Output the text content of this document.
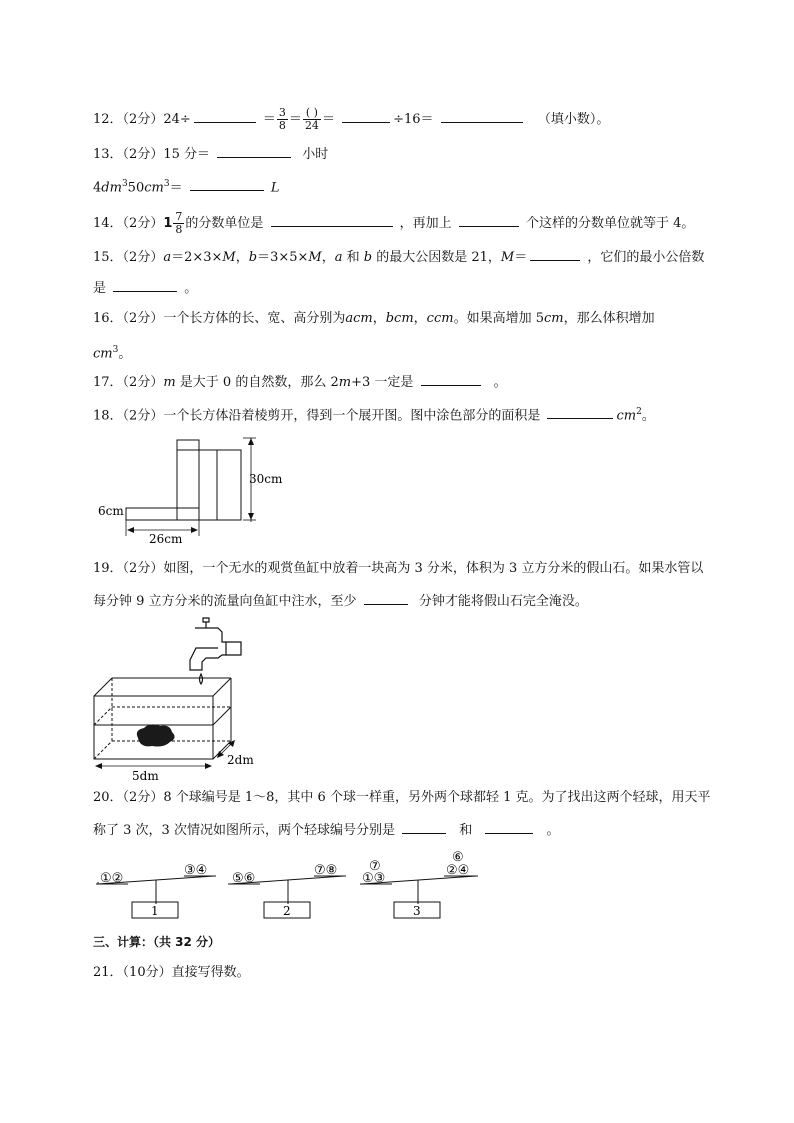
12．（2分）24÷	＝ $\frac{3}{8} = \frac{( )}{24}$ ＝	÷16＝	（填小数）。
13．（2分）15 分＝	小时
$4dm^350cm^3=$	L
14．（2分）$1 \frac{7}{8}$ 的分数单位是	，再加上	个这样的分数单位就等于 4。
15．（2分）a＝2×3×M，b＝3×5×M，a 和 b 的最大公因数是 21，M＝	，它们的最小公倍数
是	。
16．（2分）一个长方体的长、宽、高分别为acm，bcm，ccm。如果高增加 5cm，那么体积增加
$cm^3$。
17．（2分）m 是大于 0 的自然数，那么 2m+3 一定是	。
18．（2分）一个长方体沿着棱剪开，得到一个展开图。图中涂色部分的面积是	$cm^2$。
30cm
6cm
26cm
19．（2分）如图，一个无水的观赏鱼缸中放着一块高为 3 分米，体积为 3 立方分米的假山石。如果水管以
每分钟 9 立方分米的流量向鱼缸中注水，至少	分钟才能将假山石完全淹没。
5dm
2dm
20．（2分）8 个球编号是 1～8，其中 6 个球一样重，另外两个球都轻 1 克。为了找出这两个轻球，用天平
称了 3 次，3 次情况如图所示，两个轻球编号分别是	和	。
①②
③④
1
⑤⑥
⑦⑧
2
⑦
①③
⑥
②④
3
三、计算：（共 32 分）
21．（10分）直接写得数。
